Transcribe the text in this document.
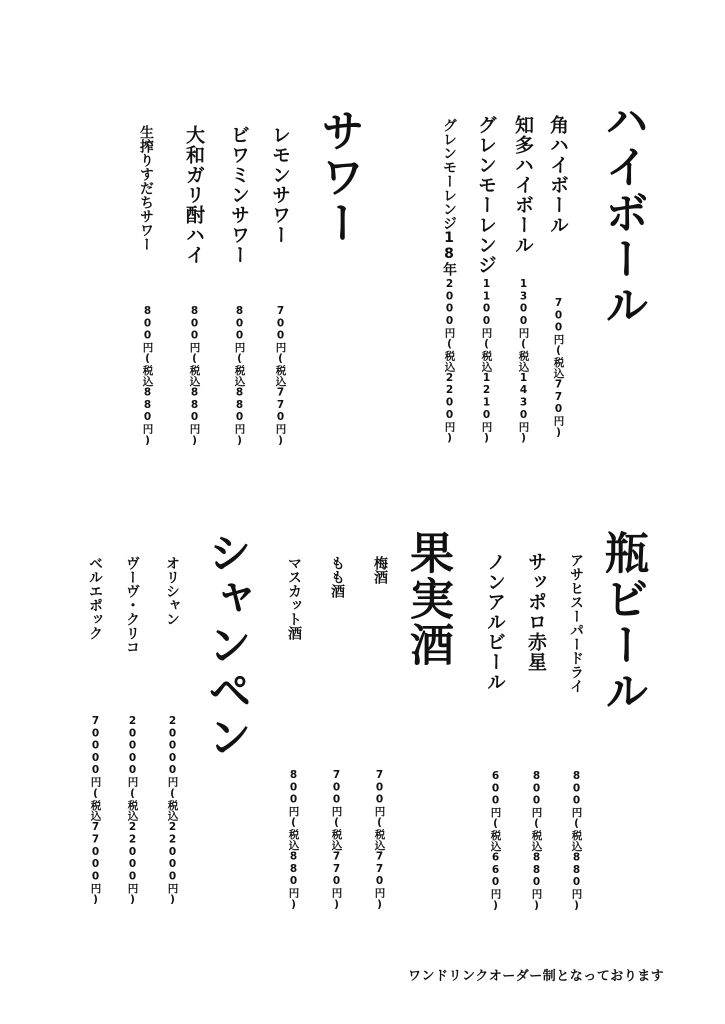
ハイボール
角ハイボール
700円(税込770円)
知多ハイボール
1300円(税込1430円)
グレンモーレンジ
1100円(税込1210円)
グレンモーレンジ18年
2000円(税込2200円)
サワー
レモンサワー
700円(税込770円)
ビワミンサワー
800円(税込880円)
大和ガリ酎ハイ
800円(税込880円)
生搾りすだちサワー
800円(税込880円)
瓶ビール
アサヒスーパードライ
800円(税込880円)
サッポロ赤星
800円(税込880円)
ノンアルビール
600円(税込660円)
果実酒
梅酒
700円(税込770円)
もも酒
700円(税込770円)
マスカット酒
800円(税込880円)
シャンペン
オリシャン
20000円(税込22000円)
ヴーヴ・クリコ
20000円(税込22000円)
ベルエポック
70000円(税込77000円)
ワンドリンクオーダー制となっております
